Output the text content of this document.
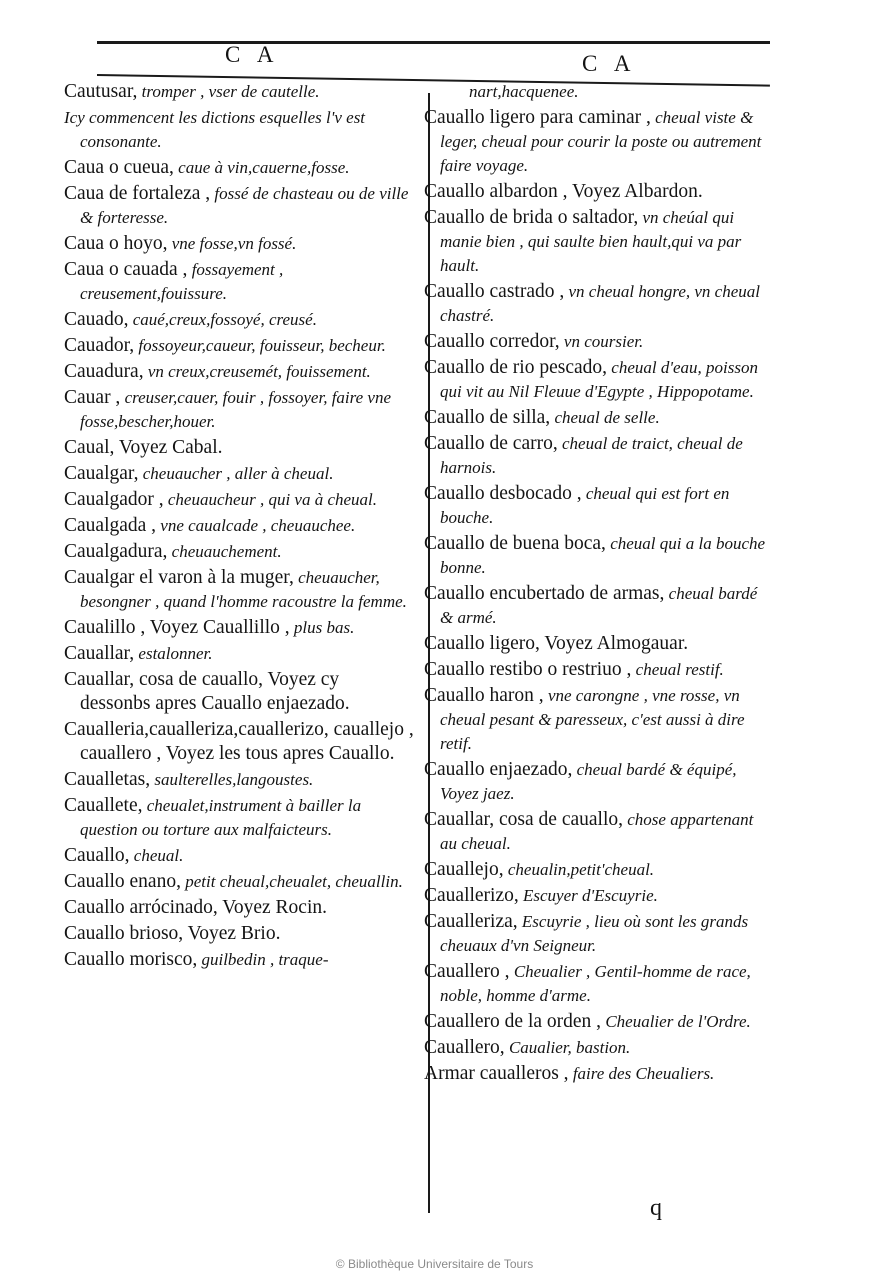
C A	C A

Cautusar, tromper , vser de cautelle.

Icy commencent les dictions esquelles l'v est consonante.

Caua o cueua, caue à vin,cauerne,fosse.

Caua de fortaleza , fossé de chasteau ou de ville & forteresse.

Caua o hoyo, vne fosse,vn fossé.

Caua o cauada , fossayement , creusement,fouissure.

Cauado, caué,creux,fossoyé, creusé.

Cauador, fossoyeur,caueur, fouisseur, becheur.

Cauadura, vn creux,creusemét, fouissement.

Cauar , creuser,cauer, fouir , fossoyer, faire vne fosse,bescher,houer.

Caual, Voyez Cabal.

Caualgar, cheuaucher , aller à cheual.

Caualgador , cheuaucheur , qui va à cheual.

Caualgada , vne caualcade , cheuauchee.

Caualgadura, cheuauchement.

Caualgar el varon à la muger, cheuaucher, besongner , quand l'homme racoustre la femme.

Caualillo , Voyez Cauallillo , plus bas.

Cauallar, estalonner.

Cauallar, cosa de cauallo, Voyez cy dessonbs apres Cauallo enjaezado.

Caualleria,caualleriza,cauallerizo, cauallejo , cauallero , Voyez les tous apres Cauallo.

Caualletas, saulterelles,langoustes.

Cauallete, cheualet,instrument à bailler la question ou torture aux malfaicteurs.

Cauallo, cheual.

Cauallo enano, petit cheual,cheualet, cheuallin.

Cauallo arrócinado, Voyez Rocin.

Cauallo brioso, Voyez Brio.

Cauallo morisco, guilbedin , traque-

nart,hacquenee.

Cauallo ligero para caminar , cheual viste & leger, cheual pour courir la poste ou autrement faire voyage.

Cauallo albardon , Voyez Albardon.

Cauallo de brida o saltador, vn cheúal qui manie bien , qui saulte bien hault,qui va par hault.

Cauallo castrado , vn cheual hongre, vn cheual chastré.

Cauallo corredor, vn coursier.

Cauallo de rio pescado, cheual d'eau, poisson qui vit au Nil Fleuue d'Egypte , Hippopotame.

Cauallo de silla, cheual de selle.

Cauallo de carro, cheual de traict, cheual de harnois.

Cauallo desbocado , cheual qui est fort en bouche.

Cauallo de buena boca, cheual qui a la bouche bonne.

Cauallo encubertado de armas, cheual bardé & armé.

Cauallo ligero, Voyez Almogauar.

Cauallo restibo o restriuo , cheual restif.

Cauallo haron , vne carongne , vne rosse, vn cheual pesant & paresseux, c'est aussi à dire retif.

Cauallo enjaezado, cheual bardé & équipé, Voyez jaez.

Cauallar, cosa de cauallo, chose appartenant au cheual.

Cauallejo, cheualin,petit'cheual.

Cauallerizo, Escuyer d'Escuyrie.

Caualleriza, Escuyrie , lieu où sont les grands cheuaux d'vn Seigneur.

Cauallero , Cheualier , Gentil-homme de race, noble, homme d'arme.

Cauallero de la orden , Cheualier de l'Ordre.

Cauallero, Caualier, bastion.

Armar caualleros , faire des Cheualiers.

q
© Bibliothèque Universitaire de Tours
